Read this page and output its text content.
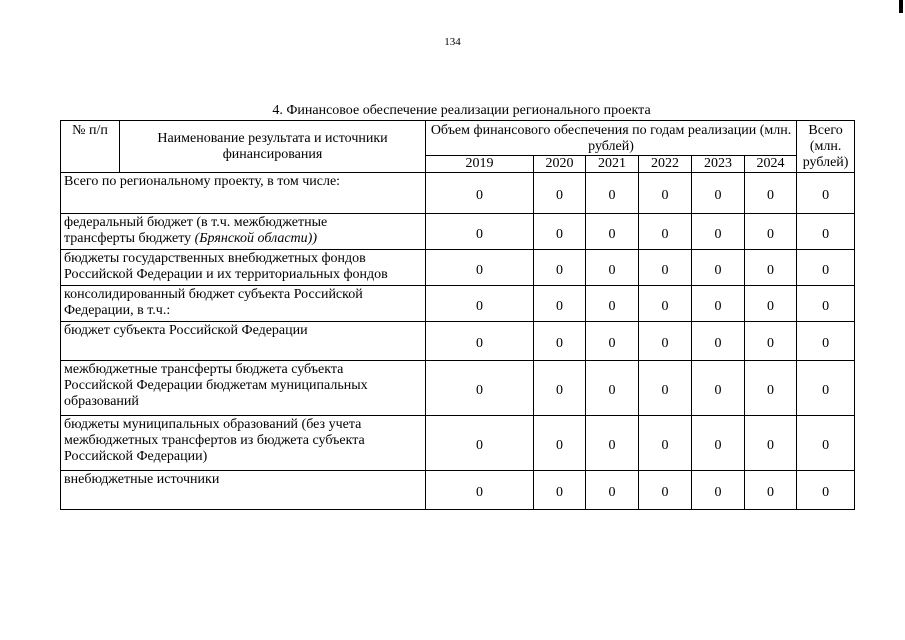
134
4. Финансовое обеспечение реализации регионального проекта
№ п/п	Наименование результата и источники финансирования	Объем финансового обеспечения по годам реализации (млн. рублей)						Всего (млн. рублей)
		2019	2020	2021	2022	2023	2024	
Всего по региональному проекту, в том числе:		0	0	0	0	0	0	0
федеральный бюджет (в т.ч. межбюджетные
трансферты бюджету (Брянской области))		0	0	0	0	0	0	0
бюджеты государственных внебюджетных фондов
Российской Федерации и их территориальных фондов		0	0	0	0	0	0	0
консолидированный бюджет субъекта Российской
Федерации, в т.ч.:		0	0	0	0	0	0	0
бюджет субъекта Российской Федерации		0	0	0	0	0	0	0
межбюджетные трансферты бюджета субъекта
Российской Федерации бюджетам муниципальных
образований		0	0	0	0	0	0	0
бюджеты муниципальных образований (без учета
межбюджетных трансфертов из бюджета субъекта
Российской Федерации)		0	0	0	0	0	0	0
внебюджетные источники		0	0	0	0	0	0	0
